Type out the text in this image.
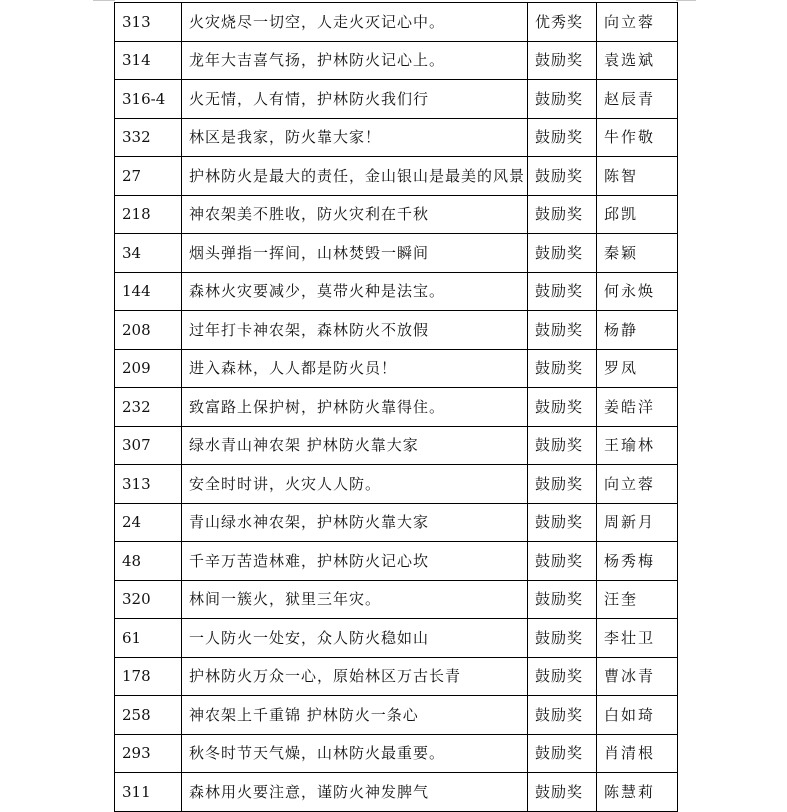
313	火灾烧尽一切空，人走火灭记心中。	优秀奖	向立蓉
314	龙年大吉喜气扬，护林防火记心上。	鼓励奖	袁选斌
316-4	火无情，人有情，护林防火我们行	鼓励奖	赵辰青
332	林区是我家，防火靠大家！	鼓励奖	牛作敬
27	护林防火是最大的责任，金山银山是最美的风景	鼓励奖	陈智
218	神农架美不胜收，防火灾利在千秋	鼓励奖	邱凯
34	烟头弹指一挥间，山林焚毁一瞬间	鼓励奖	秦颖
144	森林火灾要减少，莫带火种是法宝。	鼓励奖	何永焕
208	过年打卡神农架，森林防火不放假	鼓励奖	杨静
209	进入森林，人人都是防火员！	鼓励奖	罗凤
232	致富路上保护树，护林防火靠得住。	鼓励奖	姜皓洋
307	绿水青山神农架 护林防火靠大家	鼓励奖	王瑜林
313	安全时时讲，火灾人人防。	鼓励奖	向立蓉
24	青山绿水神农架，护林防火靠大家	鼓励奖	周新月
48	千辛万苦造林难，护林防火记心坎	鼓励奖	杨秀梅
320	林间一簇火，狱里三年灾。	鼓励奖	汪奎
61	一人防火一处安，众人防火稳如山	鼓励奖	李壮卫
178	护林防火万众一心，原始林区万古长青	鼓励奖	曹冰青
258	神农架上千重锦 护林防火一条心	鼓励奖	白如琦
293	秋冬时节天气燥，山林防火最重要。	鼓励奖	肖清根
311	森林用火要注意，谨防火神发脾气	鼓励奖	陈慧莉
